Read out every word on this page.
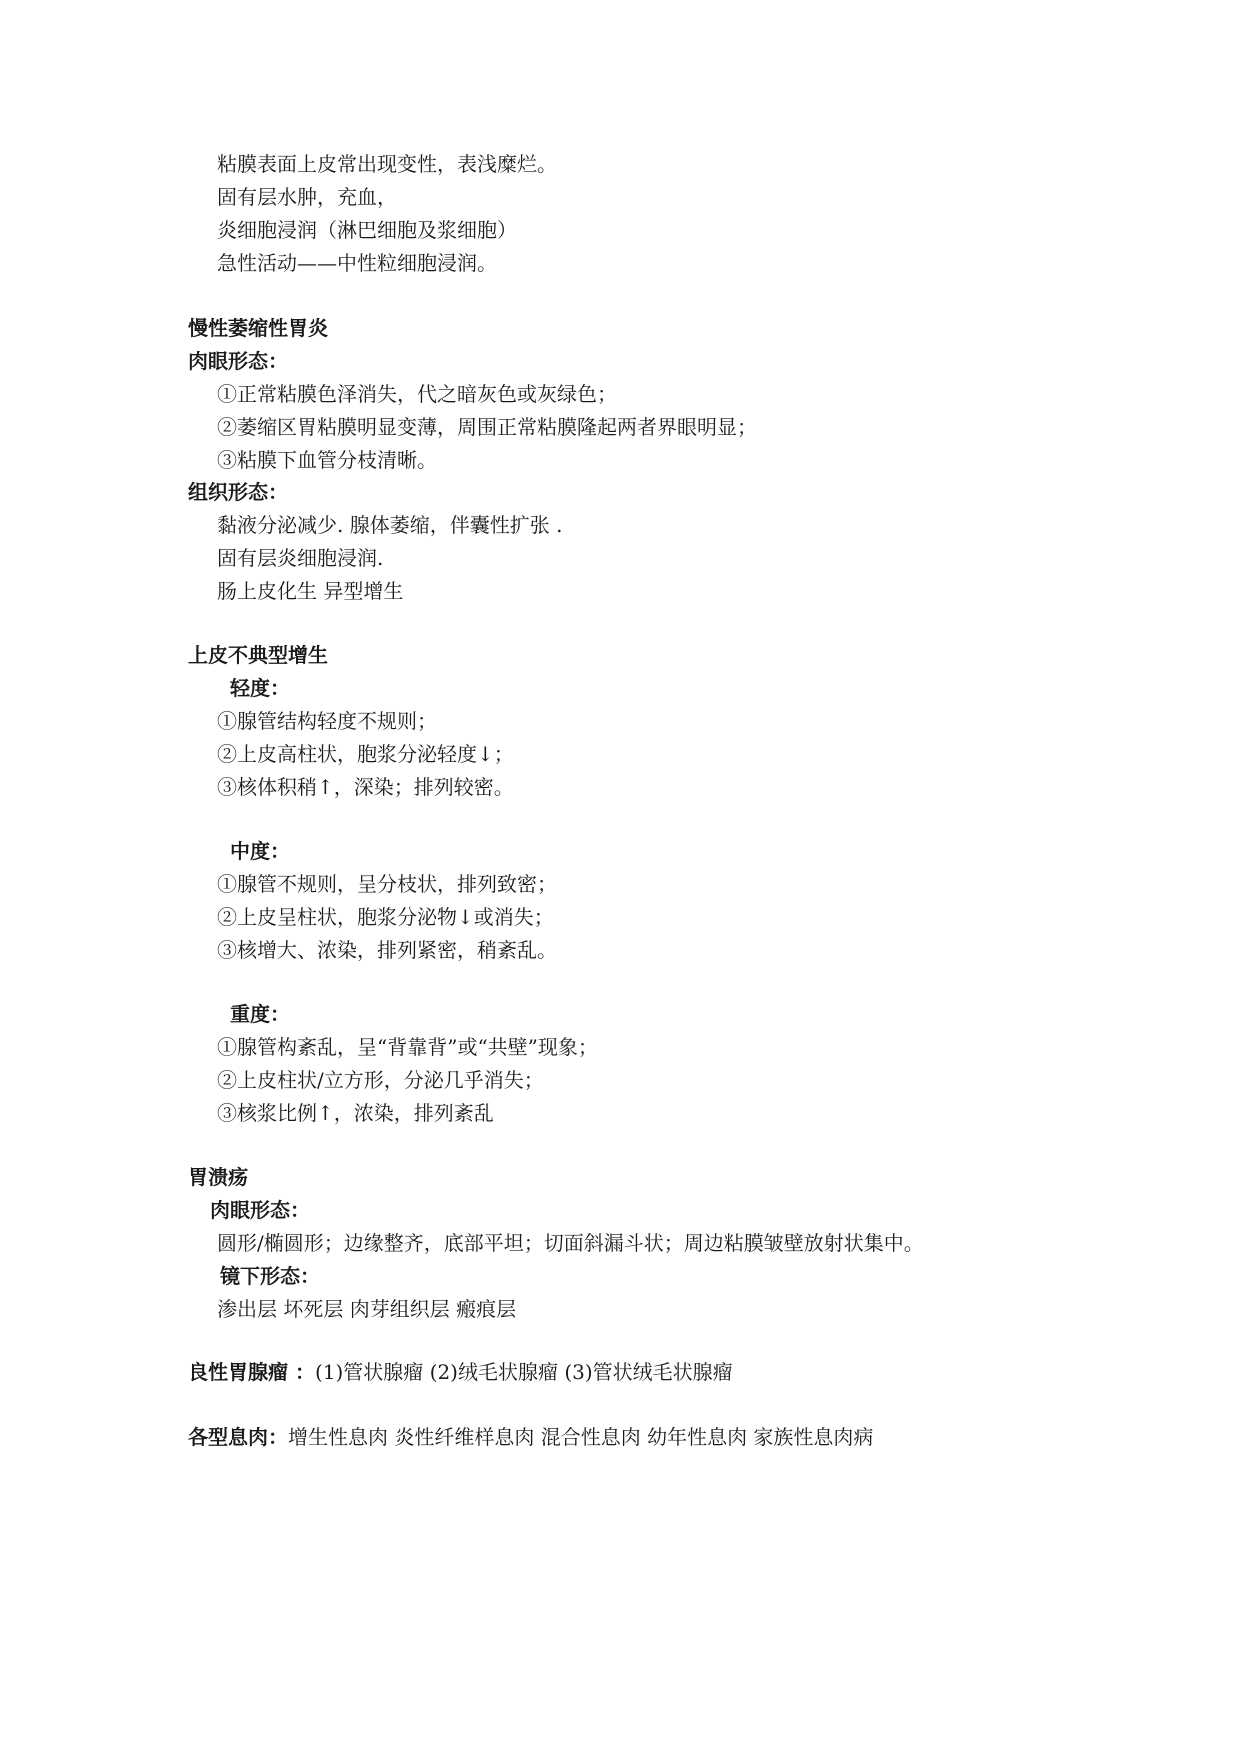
粘膜表面上皮常出现变性，表浅糜烂。
固有层水肿，充血，
炎细胞浸润（淋巴细胞及浆细胞）
急性活动——中性粒细胞浸润。
慢性萎缩性胃炎
肉眼形态：
①正常粘膜色泽消失，代之暗灰色或灰绿色；
②萎缩区胃粘膜明显变薄，周围正常粘膜隆起两者界眼明显；
③粘膜下血管分枝清晰。
组织形态：
黏液分泌减少. 腺体萎缩，伴囊性扩张 .
固有层炎细胞浸润.
肠上皮化生 异型增生
上皮不典型增生
轻度：
①腺管结构轻度不规则；
②上皮高柱状，胞浆分泌轻度↓；
③核体积稍↑，深染；排列较密。
中度：
①腺管不规则，呈分枝状，排列致密；
②上皮呈柱状，胞浆分泌物↓或消失；
③核增大、浓染，排列紧密，稍紊乱。
重度：
①腺管构紊乱，呈“背靠背”或“共壁”现象；
②上皮柱状/立方形，分泌几乎消失；
③核浆比例↑，浓染，排列紊乱
胃溃疡
肉眼形态：
圆形/椭圆形；边缘整齐，底部平坦；切面斜漏斗状；周边粘膜皱壁放射状集中。
镜下形态：
渗出层 坏死层 肉芽组织层 瘢痕层
良性胃腺瘤 ：(1)管状腺瘤 (2)绒毛状腺瘤 (3)管状绒毛状腺瘤
各型息肉：增生性息肉 炎性纤维样息肉 混合性息肉 幼年性息肉 家族性息肉病
